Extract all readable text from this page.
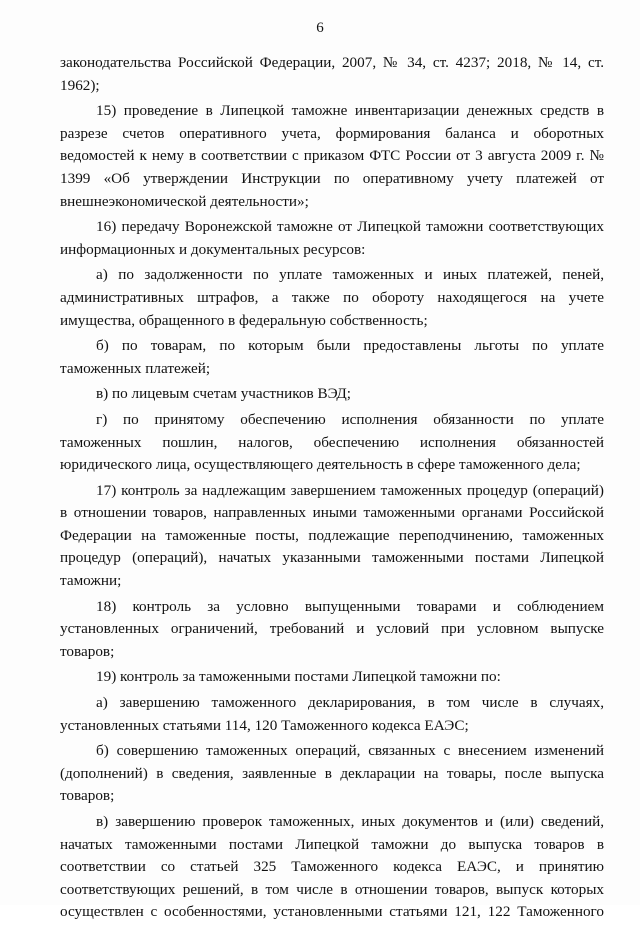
6

законодательства Российской Федерации, 2007, № 34, ст. 4237; 2018, № 14, ст. 1962);

15) проведение в Липецкой таможне инвентаризации денежных средств в разрезе счетов оперативного учета, формирования баланса и оборотных ведомостей к нему в соответствии с приказом ФТС России от 3 августа 2009 г. № 1399 «Об утверждении Инструкции по оперативному учету платежей от внешнеэкономической деятельности»;

16) передачу Воронежской таможне от Липецкой таможни соответствующих информационных и документальных ресурсов:

а) по задолженности по уплате таможенных и иных платежей, пеней, административных штрафов, а также по обороту находящегося на учете имущества, обращенного в федеральную собственность;

б) по товарам, по которым были предоставлены льготы по уплате таможенных платежей;

в) по лицевым счетам участников ВЭД;

г) по принятому обеспечению исполнения обязанности по уплате таможенных пошлин, налогов, обеспечению исполнения обязанностей юридического лица, осуществляющего деятельность в сфере таможенного дела;

17) контроль за надлежащим завершением таможенных процедур (операций) в отношении товаров, направленных иными таможенными органами Российской Федерации на таможенные посты, подлежащие переподчинению, таможенных процедур (операций), начатых указанными таможенными постами Липецкой таможни;

18) контроль за условно выпущенными товарами и соблюдением установленных ограничений, требований и условий при условном выпуске товаров;

19) контроль за таможенными постами Липецкой таможни по:

а) завершению таможенного декларирования, в том числе в случаях, установленных статьями 114, 120 Таможенного кодекса ЕАЭС;

б) совершению таможенных операций, связанных с внесением изменений (дополнений) в сведения, заявленные в декларации на товары, после выпуска товаров;

в) завершению проверок таможенных, иных документов и (или) сведений, начатых таможенными постами Липецкой таможни до выпуска товаров в соответствии со статьей 325 Таможенного кодекса ЕАЭС, и принятию соответствующих решений, в том числе в отношении товаров, выпуск которых осуществлен с особенностями, установленными статьями 121, 122 Таможенного
